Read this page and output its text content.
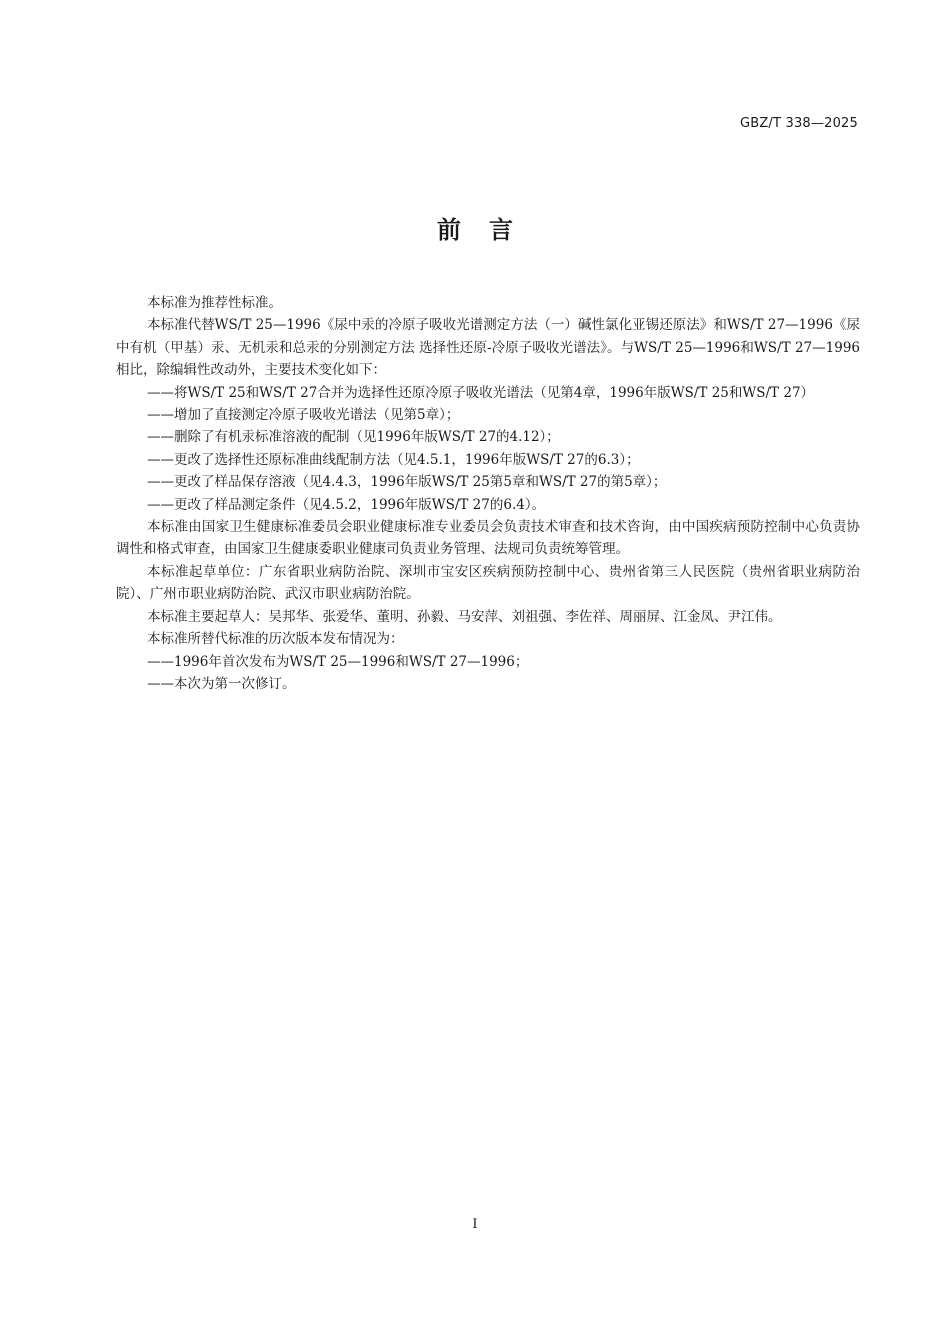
GBZ/T 338—2025
前言

本标准为推荐性标准。

本标准代替WS/T 25—1996《尿中汞的冷原子吸收光谱测定方法（一）碱性氯化亚锡还原法》和WS/T 27—1996《尿中有机（甲基）汞、无机汞和总汞的分别测定方法 选择性还原-冷原子吸收光谱法》。与WS/T 25—1996和WS/T 27—1996相比，除编辑性改动外，主要技术变化如下：

——将WS/T 25和WS/T 27合并为选择性还原冷原子吸收光谱法（见第4章，1996年版WS/T 25和WS/T 27）

——增加了直接测定冷原子吸收光谱法（见第5章）；

——删除了有机汞标准溶液的配制（见1996年版WS/T 27的4.12）；

——更改了选择性还原标准曲线配制方法（见4.5.1，1996年版WS/T 27的6.3）；

——更改了样品保存溶液（见4.4.3，1996年版WS/T 25第5章和WS/T 27的第5章）；

——更改了样品测定条件（见4.5.2，1996年版WS/T 27的6.4）。

本标准由国家卫生健康标准委员会职业健康标准专业委员会负责技术审查和技术咨询，由中国疾病预防控制中心负责协调性和格式审查，由国家卫生健康委职业健康司负责业务管理、法规司负责统筹管理。

本标准起草单位：广东省职业病防治院、深圳市宝安区疾病预防控制中心、贵州省第三人民医院（贵州省职业病防治院）、广州市职业病防治院、武汉市职业病防治院。

本标准主要起草人：吴邦华、张爱华、董明、孙毅、马安萍、刘祖强、李佐祥、周丽屏、江金凤、尹江伟。

本标准所替代标准的历次版本发布情况为：

——1996年首次发布为WS/T 25—1996和WS/T 27—1996；

——本次为第一次修订。

I
